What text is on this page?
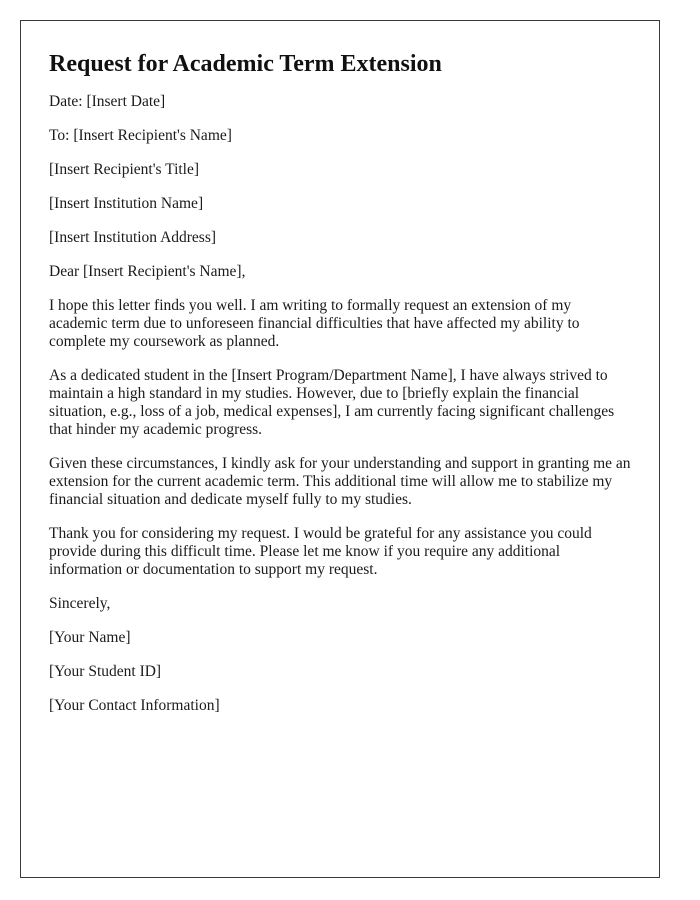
Request for Academic Term Extension

Date: [Insert Date]

To: [Insert Recipient's Name]

[Insert Recipient's Title]

[Insert Institution Name]

[Insert Institution Address]

Dear [Insert Recipient's Name],

I hope this letter finds you well. I am writing to formally request an extension of my academic term due to unforeseen financial difficulties that have affected my ability to complete my coursework as planned.

As a dedicated student in the [Insert Program/Department Name], I have always strived to maintain a high standard in my studies. However, due to [briefly explain the financial situation, e.g., loss of a job, medical expenses], I am currently facing significant challenges that hinder my academic progress.

Given these circumstances, I kindly ask for your understanding and support in granting me an extension for the current academic term. This additional time will allow me to stabilize my financial situation and dedicate myself fully to my studies.

Thank you for considering my request. I would be grateful for any assistance you could provide during this difficult time. Please let me know if you require any additional information or documentation to support my request.

Sincerely,

[Your Name]

[Your Student ID]

[Your Contact Information]
